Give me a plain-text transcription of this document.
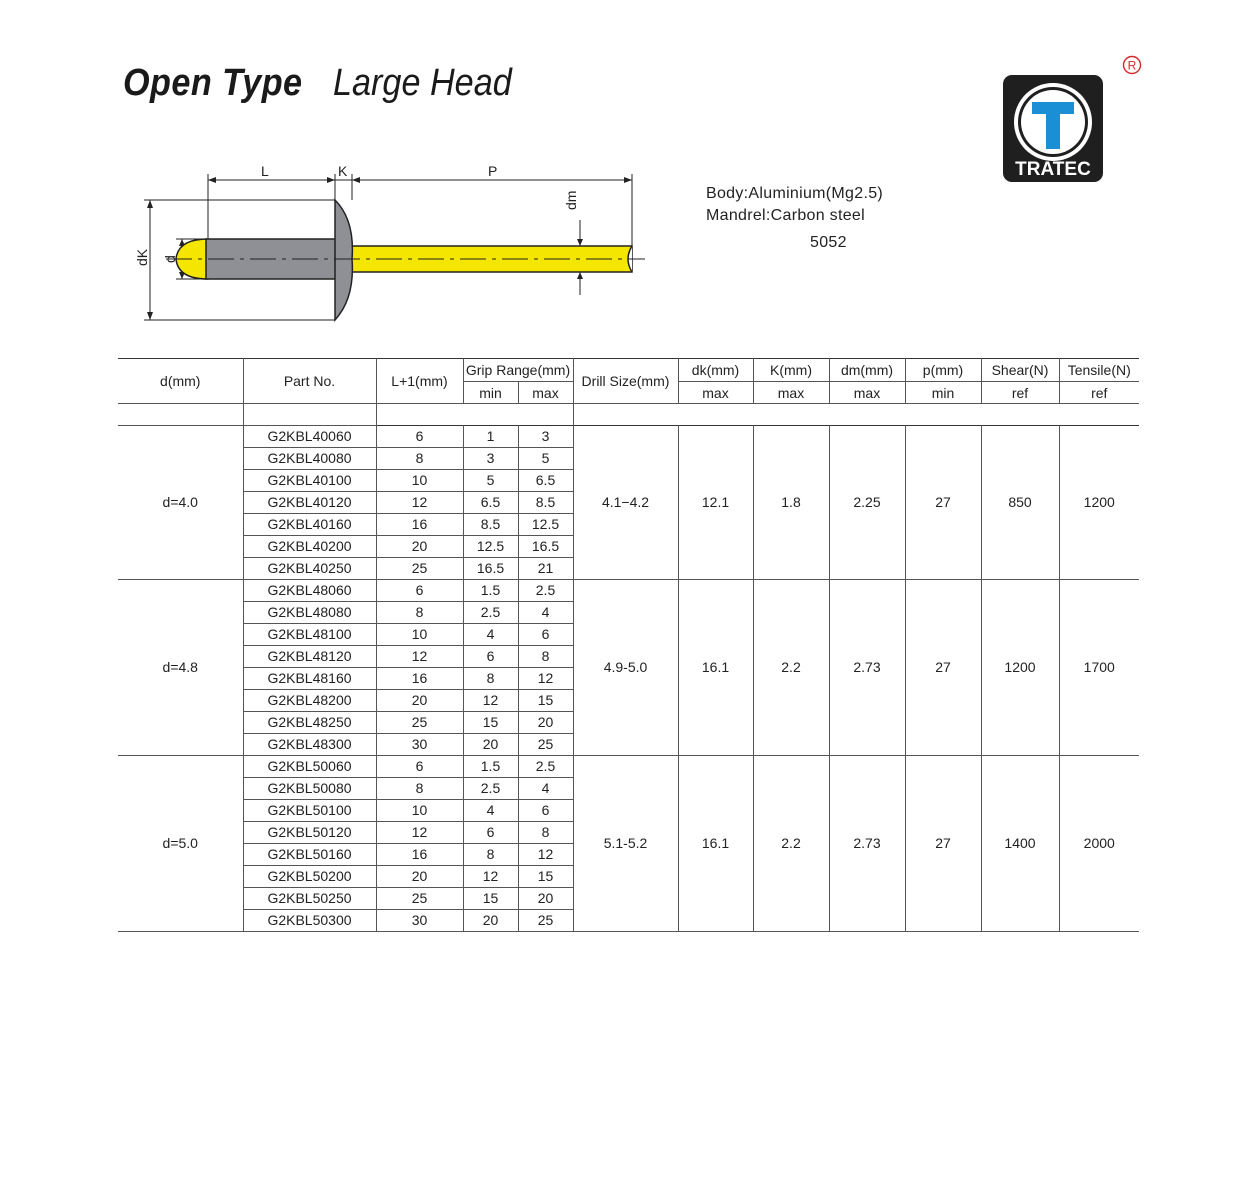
Open Type Large Head
TRATEC
R
Body:Aluminium(Mg2.5)
Mandrel:Carbon steel
5052
L	K	P
dm
dK d
d(mm)	Part No.	L+1(mm)	Grip Range(mm)		Drill Size(mm)	dk(mm)	K(mm)	dm(mm)	p(mm)	Shear(N)	Tensile(N)
			min	max		max	max	max	min	ref	ref

d=4.0	G2KBL40060	6	1	3	4.1−4.2	12.1	1.8	2.25	27	850	1200
	G2KBL40080	8	3	5							
	G2KBL40100	10	5	6.5							
	G2KBL40120	12	6.5	8.5							
	G2KBL40160	16	8.5	12.5							
	G2KBL40200	20	12.5	16.5							
	G2KBL40250	25	16.5	21							
d=4.8	G2KBL48060	6	1.5	2.5	4.9-5.0	16.1	2.2	2.73	27	1200	1700
	G2KBL48080	8	2.5	4							
	G2KBL48100	10	4	6							
	G2KBL48120	12	6	8							
	G2KBL48160	16	8	12							
	G2KBL48200	20	12	15							
	G2KBL48250	25	15	20							
	G2KBL48300	30	20	25							
d=5.0	G2KBL50060	6	1.5	2.5	5.1-5.2	16.1	2.2	2.73	27	1400	2000
	G2KBL50080	8	2.5	4							
	G2KBL50100	10	4	6							
	G2KBL50120	12	6	8							
	G2KBL50160	16	8	12							
	G2KBL50200	20	12	15							
	G2KBL50250	25	15	20							
	G2KBL50300	30	20	25							
